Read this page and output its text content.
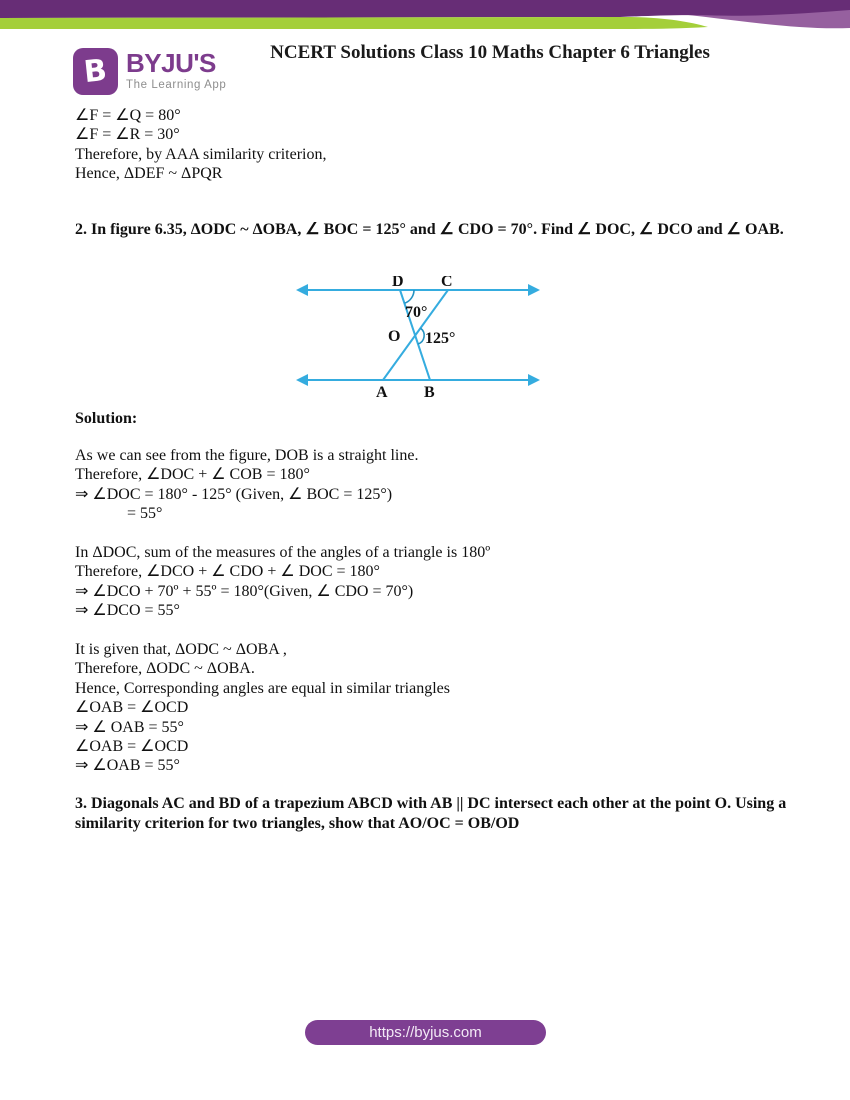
B BYJU'S
The Learning App
NCERT Solutions Class 10 Maths Chapter 6 Triangles
∠F = ∠Q = 80°
∠F = ∠R = 30°
Therefore, by AAA similarity criterion,
Hence, ΔDEF ~ ΔPQR
2. In figure 6.35, ΔODC ~ ΔOBA, ∠ BOC = 125° and ∠ CDO = 70°. Find ∠ DOC, ∠ DCO and ∠ OAB.
D C
O
A B
70°
125°
Solution:
As we can see from the figure, DOB is a straight line.
Therefore, ∠DOC + ∠ COB = 180°
⇒ ∠DOC = 180° - 125° (Given, ∠ BOC = 125°)
= 55°
In ΔDOC, sum of the measures of the angles of a triangle is 180º
Therefore, ∠DCO + ∠ CDO + ∠ DOC = 180°
⇒ ∠DCO + 70º + 55º = 180°(Given, ∠ CDO = 70°)
⇒ ∠DCO = 55°
It is given that, ΔODC ~ ΔOBA ,
Therefore, ΔODC ~ ΔOBA.
Hence, Corresponding angles are equal in similar triangles
∠OAB = ∠OCD
⇒ ∠ OAB = 55°
∠OAB = ∠OCD
⇒ ∠OAB = 55°
3. Diagonals AC and BD of a trapezium ABCD with AB || DC intersect each other at the point O. Using a similarity criterion for two triangles, show that AO/OC = OB/OD
https://byjus.com
